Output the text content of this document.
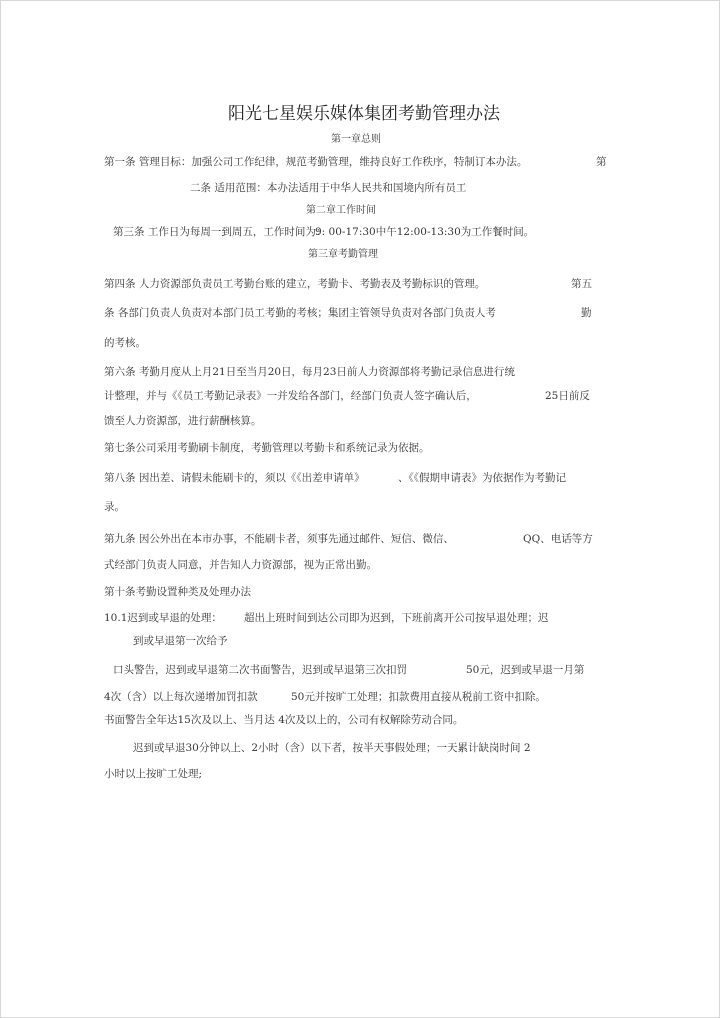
阳光七星娱乐媒体集团考勤管理办法
第一章总则
第一条 管理目标：加强公司工作纪律，规范考勤管理，维持良好工作秩序，特制订本办法。	第
二条 适用范围：本办法适用于中华人民共和国境内所有员工
第二章工作时间
第三条 工作日为每周一到周五，工作时间为：
9: 00-17:30中午12:00-13:30为工作餐时间。
第三章考勤管理
第四条 人力资源部负责员工考勤台账的建立，考勤卡、考勤表及考勤标识的管理。	第五
条 各部门负责人负责对本部门员工考勤的考核；集团主管领导负责对各部门负责人考	勤
的考核。
第六条 考勤月度从上月21日至当月20日，每月23日前人力资源部将考勤记录信息进行统
计整理，并与《《员工考勤记录表》一并发给各部门，经部门负责人签字确认后，	25日前反
馈至人力资源部，进行薪酬核算。
第七条公司采用考勤刷卡制度，考勤管理以考勤卡和系统记录为依据。
第八条 因出差、请假未能刷卡的，须以《《出差申请单》	、《《假期申请表》为依据作为考勤记
录。
第九条 因公外出在本市办事，不能刷卡者，须事先通过邮件、短信、微信、	QQ、电话等方
式经部门负责人同意，并告知人力资源部，视为正常出勤。
第十条考勤设置种类及处理办法
10.1迟到或早退的处理： 超出上班时间到达公司即为迟到，下班前离开公司按早退处理；迟
到或早退第一次给予
口头警告，迟到或早退第二次书面警告，迟到或早退第三次扣罚	50元，迟到或早退一月第
4次（含）以上每次递增加罚扣款	50元并按旷工处理；扣款费用直接从税前工资中扣除。
书面警告全年达15次及以上、当月达 4次及以上的，公司有权解除劳动合同。
迟到或早退30分钟以上、2小时（含）以下者，按半天事假处理；一天累计缺岗时间 2
小时以上按旷工处理;
